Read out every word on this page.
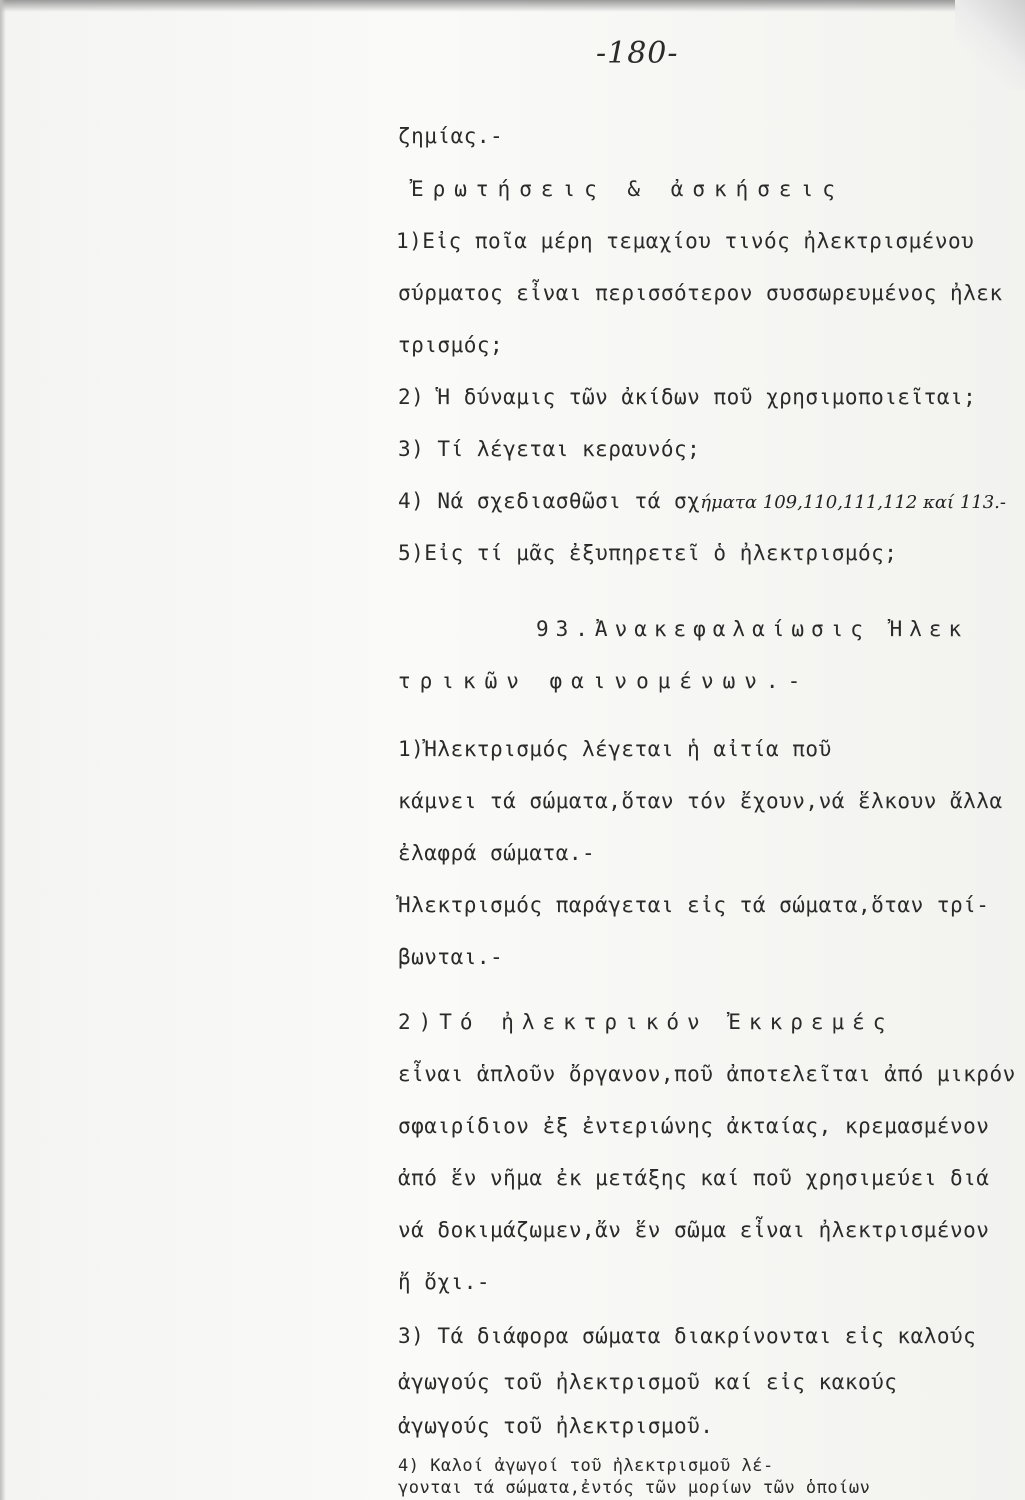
-180-
ζημίας.-
Ἐρωτήσεις & ἀσκήσεις
1)Εἰς ποῖα μέρη τεμαχίου τινός ἠλεκτρισμένου
σύρματος εἶναι περισσότερον συσσωρευμένος ἠλεκ
τρισμός;
2) Ἡ δύναμις τῶν ἀκίδων ποῦ χρησιμοποιεῖται;
3) Τί λέγεται κεραυνός;
4) Νά σχεδιασθῶσι τά σχήματα 109,110,111,112 καί 113.-
5)Εἰς τί μᾶς ἐξυπηρετεῖ ὁ ἠλεκτρισμός;
93.Ἀνακεφαλαίωσις Ἠλεκ
τρικῶν φαινομένων.-
1)Ἠλεκτρισμός λέγεται ἡ αἰτία ποῦ
κάμνει τά σώματα,ὅταν τόν ἔχουν,νά ἕλκουν ἄλλα
ἐλαφρά σώματα.-
Ἠλεκτρισμός παράγεται εἰς τά σώματα,ὅταν τρί-
βωνται.-
2)Τό ἠλεκτρικόν Ἐκκρεμές
εἶναι ἁπλοῦν ὄργανον,ποῦ ἀποτελεῖται ἀπό μικρόν
σφαιρίδιον ἐξ ἐντεριώνης ἀκταίας, κρεμασμένον
ἀπό ἕν νῆμα ἐκ μετάξης καί ποῦ χρησιμεύει διά
νά δοκιμάζωμεν,ἄν ἕν σῶμα εἶναι ἠλεκτρισμένον
ἤ ὄχι.-
3) Τά διάφορα σώματα διακρίνονται εἰς καλούς
ἀγωγούς τοῦ ἠλεκτρισμοῦ καί εἰς κακούς
ἀγωγούς τοῦ ἠλεκτρισμοῦ.
4) Καλοί ἀγωγοί τοῦ ἠλεκτρισμοῦ λέ-
γονται τά σώματα,ἐντός τῶν μορίων τῶν ὁποίων
